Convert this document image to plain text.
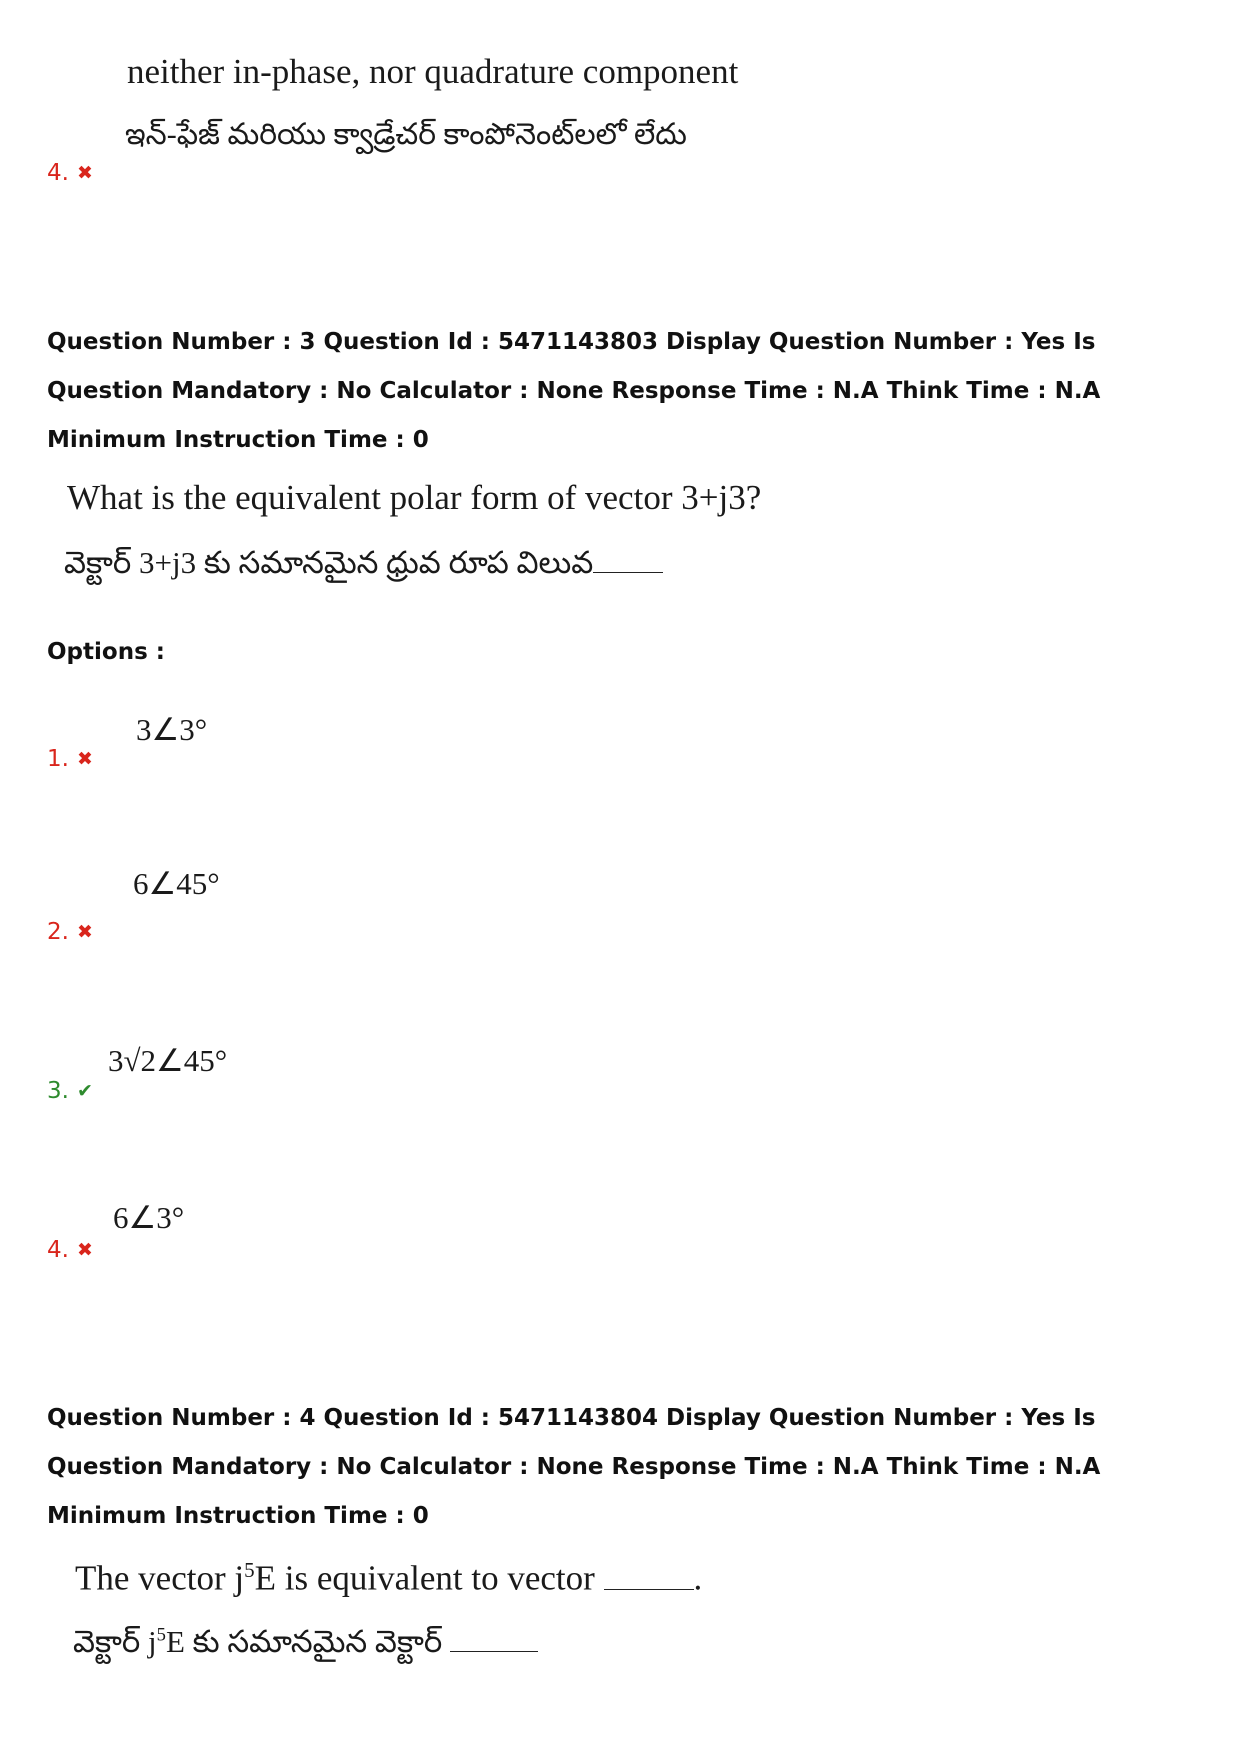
neither in-phase, nor quadrature component
ఇన్-ఫేజ్ మరియు క్వాడ్రేచర్ కాంపోనెంట్‌లలో లేదు
4. ✖
Question Number : 3 Question Id : 5471143803 Display Question Number : Yes Is Question Mandatory : No Calculator : None Response Time : N.A Think Time : N.A Minimum Instruction Time : 0
What is the equivalent polar form of vector 3+j3?
వెక్టార్ 3+j3 కు సమానమైన ధ్రువ రూప విలువ
Options :
3∠3°
1. ✖
6∠45°
2. ✖
3√2∠45°
3. ✔
6∠3°
4. ✖
Question Number : 4 Question Id : 5471143804 Display Question Number : Yes Is Question Mandatory : No Calculator : None Response Time : N.A Think Time : N.A Minimum Instruction Time : 0
The vector $j^5E$ is equivalent to vector	.
వెక్టార్ $j^5E$ కు సమానమైన వెక్టార్
